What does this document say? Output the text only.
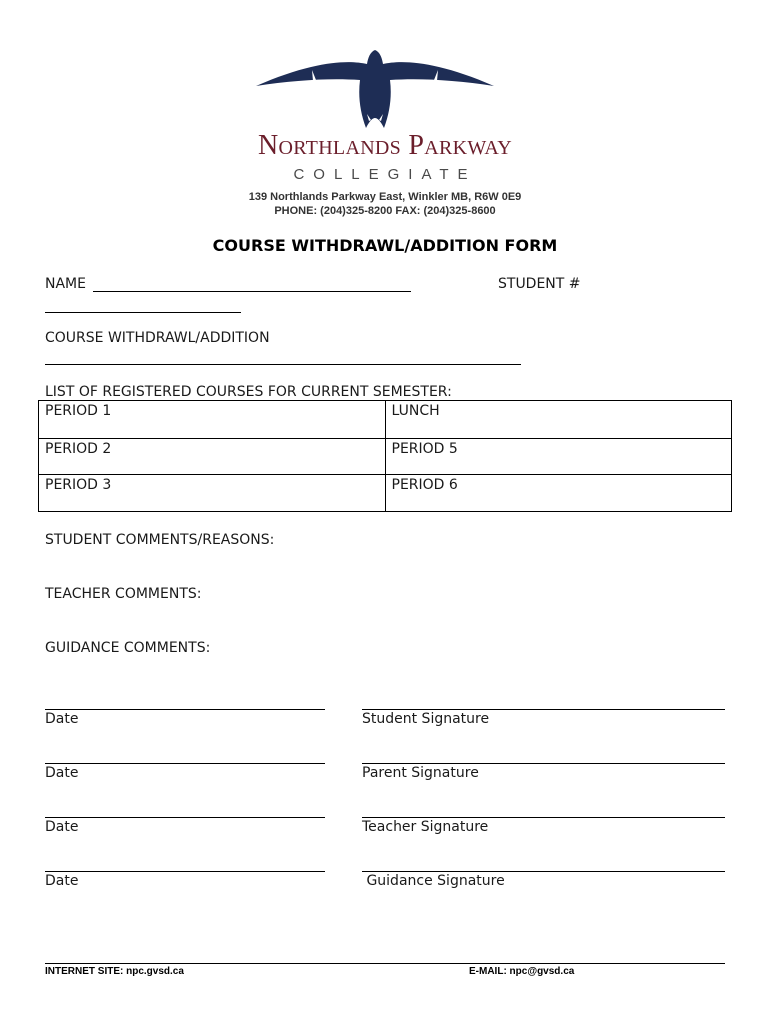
Northlands Parkway
COLLEGIATE
139 Northlands Parkway East, Winkler MB, R6W 0E9
PHONE: (204)325-8200 FAX: (204)325-8600
COURSE WITHDRAWL/ADDITION FORM
NAME	STUDENT #
COURSE WITHDRAWL/ADDITION
LIST OF REGISTERED COURSES FOR CURRENT SEMESTER:
PERIOD 1	LUNCH
PERIOD 2	PERIOD 5
PERIOD 3	PERIOD 6
STUDENT COMMENTS/REASONS:
TEACHER COMMENTS:
GUIDANCE COMMENTS:
Date	Student Signature
Date	Parent Signature
Date	Teacher Signature
Date	Guidance Signature
INTERNET SITE: npc.gvsd.ca	E-MAIL: npc@gvsd.ca
